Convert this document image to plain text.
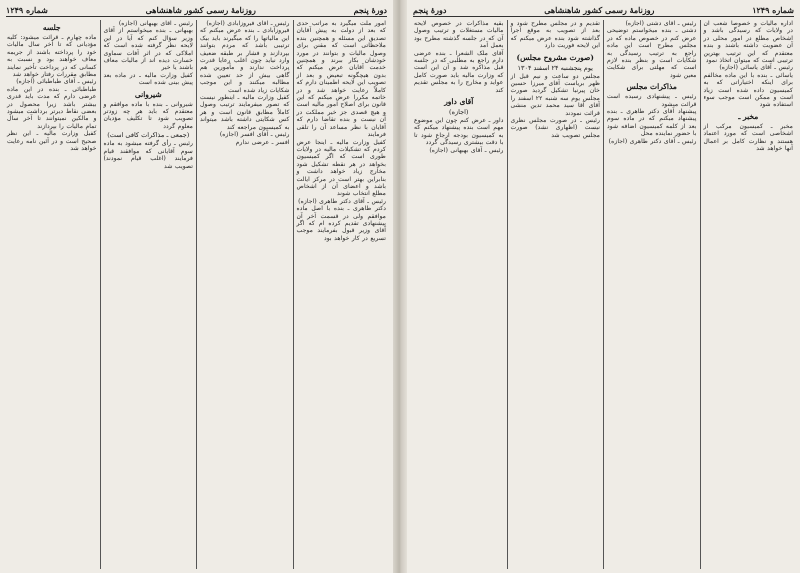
دورهٔ پنجم
روزنامهٔ رسمی کشور شاهنشاهی
شماره ۱۲۴۹
امور ملت میگیرد به مراتب حدی که بعد از دولت به پیش آقایان تصدیق این مسئله و همچنین بنده ملاحظاتی است که مقنن برای وصول مالیات و بتوانند در مورد خودشان بکار ببرند و همچنین خدمت آقایان عرض میکنم که بدون هیچگونه تبعیض و بعد از تصویب این لایحه اطمینان دارم که کاملاً رعایت خواهد شد و در خاتمه مکررا عرض میکنم که این قانون برای اصلاح امور مالیه است و هیچ قصدی جز خیر مملکت در آن نیست و بنده تقاضا دارم که آقایان با نظر مساعد آن را تلقی فرمایند
کفیل وزارت مالیه ـ اینجا عرض کردم که تشکیلات مالیه در ولایات طوری است که اگر کمیسیون بخواهد در هر نقطه تشکیل شود مخارج زیاد خواهد داشت و بنابراین بهتر است در مرکز ایالت باشد و اعضای آن از اشخاص مطلع انتخاب شوند
رئیس ـ آقای دکتر طاهری (اجازه)
دکتر طاهری ـ بنده با اصل ماده موافقم ولی در قسمت آخر آن پیشنهادی تقدیم کرده ام که اگر آقای وزیر قبول بفرمایند موجب تسریع در کار خواهد بود
رئیس ـ آقای فیروزآبادی (اجازه)
فیروزآبادی ـ بنده عرض میکنم که این مالیاتها را که میگیرند باید بیک ترتیبی باشد که مردم بتوانند بپردازند و فشار بر طبقه ضعیف وارد نیاید چون اغلب رعایا قدرت پرداخت ندارند و مأمورین هم گاهی بیش از حد تعیین شده مطالبه میکنند و این موجب شکایات زیاد شده است
کفیل وزارت مالیه ـ اینطور نیست که تصور میفرمایند ترتیب وصول کاملاً مطابق قانون است و هر کس شکایتی داشته باشد میتواند به کمیسیون مراجعه کند
رئیس ـ آقای افسر (اجازه)
افسر ـ عرضی ندارم
رئیس ـ آقای بهبهانی (اجازه)
بهبهانی ـ بنده میخواستم از آقای وزیر سؤال کنم که آیا در این لایحه نظر گرفته شده است که املاکی که در اثر آفات سماوی خسارت دیده اند از مالیات معاف باشند یا خیر
کفیل وزارت مالیه ـ در ماده بعد پیش بینی شده است
شیروانی
شیروانی ـ بنده با ماده موافقم و معتقدم که باید هر چه زودتر تصویب شود تا تکلیف مؤدیان معلوم گردد
(جمعی ـ مذاکرات کافی است)
رئیس ـ رأی گرفته میشود به ماده سوم آقایانی که موافقند قیام فرمایند (اغلب قیام نمودند) تصویب شد
جلسه
ماده چهارم ـ قرائت میشود: کلیه مؤدیانی که تا آخر سال مالیات خود را پرداخته باشند از جریمه معاف خواهند بود و نسبت به کسانی که در پرداخت تأخیر نمایند مطابق مقررات رفتار خواهد شد
رئیس ـ آقای طباطبائی (اجازه)
طباطبائی ـ بنده در این ماده عرضی دارم که مدت باید قدری بیشتر باشد زیرا محصول در بعضی نقاط دیرتر برداشت میشود و مالکین نمیتوانند تا آخر سال تمام مالیات را بپردازند
کفیل وزارت مالیه ـ این نظر صحیح است و در آئین نامه رعایت خواهد شد
شماره ۱۲۴۹
روزنامهٔ رسمی کشور شاهنشاهی
دورهٔ پنجم
اداره مالیات و خصوصا شعب آن در ولایات که رسیدگی باشد و اشخاص مطلع در امور محلی در آن عضویت داشته باشند و بنده معتقدم که این ترتیب بهترین ترتیبی است که میتوان اتخاذ نمود
رئیس ـ آقای یاسائی (اجازه)
یاسائی ـ بنده با این ماده مخالفم برای اینکه اختیاراتی که به کمیسیون داده شده است زیاد است و ممکن است موجب سوء استفاده شود
مخبر ـ
مخبر ـ کمیسیون مرکب از اشخاصی است که مورد اعتماد هستند و نظارت کامل بر اعمال آنها خواهد شد
رئیس ـ آقای دشتی (اجازه)
دشتی ـ بنده میخواستم توضیحی عرض کنم در خصوص ماده که در مجلس مطرح است این ماده راجع به ترتیب رسیدگی به شکایات است و بنظر بنده لازم است که مهلتی برای شکایت معین شود
مذاکرات مجلس
رئیس ـ پیشنهادی رسیده است قرائت میشود
پیشنهاد آقای دکتر طاهری ـ بنده پیشنهاد میکنم که در ماده سوم بعد از کلمه کمیسیون اضافه شود با حضور نماینده محل
رئیس ـ آقای دکتر طاهری (اجازه)
تقدیم و در مجلس مطرح شود و بعد از تصویب به موقع اجرا گذاشته شود بنده عرض میکنم که این لایحه فوریت دارد
(صورت مشروح مجلس)
یوم پنجشنبه ۲۴ اسفند ۱۳۰۴
مجلس دو ساعت و نیم قبل از ظهر بریاست آقای میرزا حسین خان پیرنیا تشکیل گردید صورت مجلس یوم سه شنبه ۲۲ اسفند را آقای آقا سید محمد تدین منشی قرائت نمودند
رئیس ـ در صورت مجلس نظری نیست (اظهاری نشد) صورت مجلس تصویب شد
بقیه مذاکرات در خصوص لایحه مالیات مستغلات و ترتیب وصول آن که در جلسه گذشته مطرح بود بعمل آمد
آقای ملک الشعرا ـ بنده عرضی دارم راجع به مطلبی که در جلسه قبل مذاکره شد و آن این است که وزارت مالیه باید صورت کامل عواید و مخارج را به مجلس تقدیم کند
آقای داور
(اجازه)
داور ـ عرض کنم چون این موضوع مهم است بنده پیشنهاد میکنم که به کمیسیون بودجه ارجاع شود تا با دقت بیشتری رسیدگی گردد
رئیس ـ آقای بهبهانی (اجازه)
